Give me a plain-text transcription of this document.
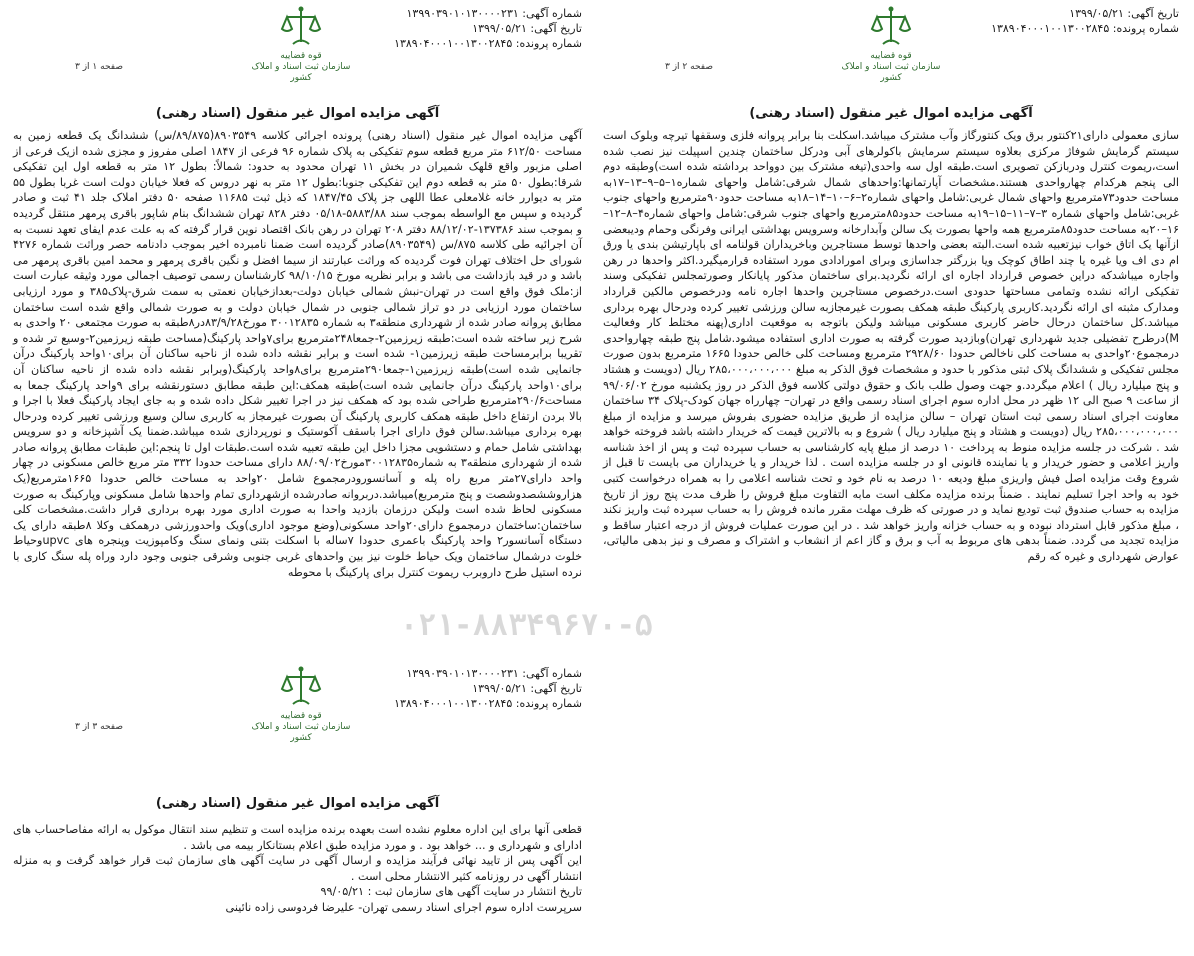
تاریخ آگهی: ۱۳۹۹/۰۵/۲۱
شماره پرونده: ۱۳۸۹۰۴۰۰۰۱۰۰۱۳۰۰۲۸۴۵
قوه قضاییه
سازمان ثبت اسناد و املاک کشور
صفحه ۲ از ۳
آگهی مزایده اموال غیر منقول (اسناد رهنی)

سازی معمولی دارای۲۱کنتور برق ویک کنتورگاز وآب مشترک میباشد.اسکلت بنا برابر پروانه فلزی وسقفها تیرچه وبلوک است سیستم گرمایش شوفاژ مرکزی بعلاوه سیستم سرمایش باکولرهای آبی ودرکل ساختمان چندین اسپیلت نیز نصب شده است،ریموت کنترل ودربازکن تصویری است.طبقه اول سه واحدی(تیغه مشترک بین دوواحد برداشته شده است)وطبقه دوم الی پنجم هرکدام چهارواحدی هستند.مشخصات آپارتمانها:واحدهای شمال شرقی:شامل واحهای شماره۱–۵–۹–۱۳–۱۷به مساحت حدود۷۳مترمربع واحهای شمال غربی:شامل واحهای شماره۲–۶–۱۰–۱۴–۱۸به مساحت حدود۹۰مترمربع واحهای جنوب غربی:شامل واحهای شماره ۳–۷–۱۱–۱۵–۱۹به مساحت حدود۸۵مترمربع واحهای جنوب شرقی:شامل واحهای شماره۴–۸–۱۲–۱۶–۲۰به مساحت حدود۸۵مترمربع همه واحها بصورت یک سالن وآبدارخانه وسرویس بهداشتی ایرانی وفرنگی وحمام ودیبعضی ازآنها یک اتاق خواب نیزتعبیه شده است.البته بعضی واحدها توسط مستاجرین وباخریداران قولنامه ای باپارتیشن بندی یا ورق ام دی اف ویا غیره یا چند اطاق کوچک ویا بزرگتر جداسازی وبرای امورادادی مورد استفاده قرارمیگیرد.اکثر واحدها در رهن واجاره میباشدکه دراین خصوص قرارداد اجاره ای ارائه نگردید.برای ساختمان مذکور پایانکار وصورتمجلس تفکیکی وسند تفکیکی ارائه نشده وتمامی مساحتها حدودی است.درخصوص مستاجرین واحدها اجاره نامه ودرخصوص مالکین قرارداد ومدارک مثبته ای ارائه نگردید.کاربری پارکینگ طبقه همکف بصورت غیرمجازبه سالن ورزشی تغییر کرده ودرحال بهره برداری میباشد.کل ساختمان درحال حاضر کاربری مسکونی میباشد ولیکن باتوجه به موقعیت اداری(پهنه مختلط کار وفعالیت M)درطرح تفضیلی جدید شهرداری تهران)وبازدید صورت گرفته به صورت اداری استفاده میشود.شامل پنج طبقه چهارواحدی درمجموع۲۰واحدی به مساحت کلی ناخالص حدودا ۲۹۲۸/۶۰ مترمربع ومساحت کلی خالص حدودا ۱۶۶۵ مترمربع بدون صورت مجلس تفکیکی و ششدانگ پلاک ثبتی مذکور با حدود و مشخصات فوق الذکر به مبلغ ۲۸۵،۰۰۰،۰۰۰،۰۰۰ ریال (دویست و هشتاد و پنج میلیارد ریال ) اعلام میگردد.و جهت وصول طلب بانک و حقوق دولتی کلاسه فوق الذکر در روز یکشنبه مورخ ۹۹/۰۶/۰۲ از ساعت ۹ صبح الی ۱۲ ظهر در محل اداره سوم اجرای اسناد رسمی واقع در تهران– چهارراه جهان کودک-پلاک ۳۴ ساختمان معاونت اجرای اسناد رسمی ثبت استان تهران – سالن مزایده از طریق مزایده حضوری بفروش میرسد و مزایده از مبلغ ۲۸۵،۰۰۰،۰۰۰،۰۰۰ ریال (دویست و هشتاد و پنج میلیارد ریال ) شروع و به بالاترین قیمت که خریدار داشته باشد فروخته خواهد شد . شرکت در جلسه مزایده منوط به پرداخت ۱۰ درصد از مبلغ پایه کارشناسی به حساب سپرده ثبت و پس از اخذ شناسه واریز اعلامی و حضور خریدار و یا نماینده قانونی او در جلسه مزایده است . لذا خریدار و یا خریداران می بایست تا قبل از شروع وقت مزایده اصل فیش واریزی مبلغ ودیعه ۱۰ درصد به نام خود و تحت شناسه اعلامی را به همراه درخواست کتبی خود به واحد اجرا تسلیم نمایند . ضمناً برنده مزایده مکلف است مابه التفاوت مبلغ فروش را ظرف مدت پنج روز از تاریخ مزایده به حساب صندوق ثبت تودیع نماید و در صورتی که ظرف مهلت مقرر مانده فروش را به حساب سپرده ثبت واریز نکند ، مبلغ مذکور قابل استرداد نبوده و به حساب خزانه واریز خواهد شد . در این صورت عملیات فروش از درجه اعتبار ساقط و مزایده تجدید می گردد. ضمناً بدهی های مربوط به آب و برق و گاز اعم از انشعاب و اشتراک و مصرف و نیز بدهی مالیاتی، عوارض شهرداری و غیره که رقم

شماره آگهی: ۱۳۹۹۰۳۹۰۱۰۱۳۰۰۰۰۲۳۱
تاریخ آگهی: ۱۳۹۹/۰۵/۲۱
شماره پرونده: ۱۳۸۹۰۴۰۰۰۱۰۰۱۳۰۰۲۸۴۵
قوه قضاییه
سازمان ثبت اسناد و املاک کشور
صفحه ۱ از ۳
آگهی مزایده اموال غیر منقول (اسناد رهنی)

آگهی مزایده اموال غیر منقول (اسناد رهنی) پرونده اجرائی کلاسه ۸۹۰۳۵۴۹(۸۹/۸۷۵/س) ششدانگ یک قطعه زمین به مساحت ۶۱۲/۵۰ متر مربع قطعه سوم تفکیکی به پلاک شماره ۹۶ فرعی از ۱۸۴۷ اصلی مفروز و مجزی شده ازیک فرعی از اصلی مزبور واقع قلهک شمیران در بخش ۱۱ تهران محدود به حدود: شمالاً: بطول ۱۲ متر به قطعه اول این تفکیکی شرقا:بطول ۵۰ متر به قطعه دوم این تفکیکی جنوبا:بطول ۱۲ متر به نهر دروس که فعلا خیابان دولت است غربا بطول ۵۵ متر به دیوارر خانه غلامعلی عطا اللهی جز پلاک ۱۸۴۷/۴۵ که ذیل ثبت ۱۱۶۸۵ صفحه ۵۰ دفتر املاک جلد ۴۱ ثبت و صادر گردیده و سپس مع الواسطه بموجب سند ۵۸۸۳/۸۸-۰۵/۱۸ دفتر ۸۲۸ تهران ششدانگ بنام شاپور باقری پرمهر منتقل گردیده و بموجب سند ۱۳۷۳۸۶-۸۸/۱۲/۰۲ دفتر ۲۰۸ تهران در رهن بانک اقتصاد نوین قرار گرفته که به علت عدم ایفای تعهد نسبت به آن اجرائیه طی کلاسه ۸۷۵/س (۸۹۰۳۵۴۹)صادر گردیده است ضمنا نامبرده اخیر بموجب دادنامه حصر وراثت شماره ۴۲۷۶ شورای حل اختلاف تهران فوت گردیده که وراثت عبارتند از سیما افضل و نگین باقری پرمهر و محمد امین باقری پرمهر می باشد و در قید بازداشت می باشد و برابر نظریه مورخ ۹۸/۱۰/۱۵ کارشناسان رسمی توصیف اجمالی مورد وثیقه عبارت است از:ملک فوق واقع است در تهران-نبش شمالی خیابان دولت-بعدازخیابان نعمتی به سمت شرق-پلاک۳۸۵ و مورد ارزیابی ساختمان مورد ارزیابی در دو تراز شمالی جنوبی در شمال خیابان دولت و به صورت شمالی واقع شده است ساختمان مطابق پروانه صادر شده از شهرداری منطقه۳ به شماره ۳۰۰۱۲۸۳۵ مورخ۸۳/۹/۲۸در۸طبقه به صورت مجتمعی ۲۰ واحدی به شرح زیر ساخته شده است:طبقه زیرزمین۲-جمعا۲۴۸مترمربع برای۷واحد پارکینگ(مساحت طبقه زیرزمین۲-وسیع تر شده و تقریبا برابرمساحت طبقه زیرزمین۱- شده است و برابر نقشه داده شده از ناحیه ساکنان آن برای۱۰واحد پارکینگ درآن جانمایی شده است)طبقه زیرزمین۱-جمعا۲۹۰مترمربع برای۸واحد پارکینگ(وبرابر نقشه داده شده از ناحیه ساکنان آن برای۱۰واحد پارکینگ درآن جانمایی شده است)طبقه همکف:این طبقه مطابق دستورنقشه برای ۹واحد پارکینگ جمعا به مساحت۲۹۰/۶مترمربع طراحی شده بود که همکف نیز در اجرا تغییر شکل داده شده و به جای ایجاد پارکینگ فعلا با اجرا و بالا بردن ارتفاع داخل طبقه همکف کاربری پارکینگ آن بصورت غیرمجاز به کاربری سالن وسیع ورزشی تغییر کرده ودرحال بهره برداری میباشد.سالن فوق دارای اجرا باسقف آکوستیک و نورپردازی شده میباشد.ضمنا یک آشپزخانه و دو سرویس بهداشتی شامل حمام و دستشویی مجزا داخل این طبقه تعبیه شده است.طبقات اول تا پنجم:این طبقات مطابق پروانه صادر شده از شهرداری منطقه۳ به شماره۳۰۰۱۲۸۳۵مورخ۸۸/۰۹/۰۲ دارای مساحت حدودا ۳۳۲ متر مربع خالص مسکونی در چهار واحد دارای۲۷متر مربع راه پله و آسانسورودرمجموع شامل ۲۰واحد به مساحت خالص حدودا ۱۶۶۵مترمربع(یک هزاروششصدوشصت و پنج مترمربع)میباشد.دربروانه صادرشده ازشهرداری تمام واحدها شامل مسکونی وپارکینگ به صورت مسکونی لحاظ شده است ولیکن درزمان بازدید واحدا به صورت اداری مورد بهره برداری قرار داشت.مشخصات کلی ساختمان:ساختمان درمجموع دارای۲۰واحد مسکونی(وضع موجود اداری)ویک واحدورزشی درهمکف وکلا ۸طبقه دارای یک دستگاه آسانسور۲ واحد پارکینگ باعمری حدودا ۷ساله با اسکلت بتنی ونمای سنگ وکامپوزیت وپنجره های upvcوحیاط خلوت درشمال ساختمان ویک حیاط خلوت نیز بین واحدهای غربی جنوبی وشرقی جنوبی وجود دارد وراه پله سنگ کاری با نرده استیل طرح داروبرب ریموت کنترل برای پارکینگ با محوطه

۰۲۱-۸۸۳۴۹۶۷۰-۵
شماره آگهی: ۱۳۹۹۰۳۹۰۱۰۱۳۰۰۰۰۲۳۱
تاریخ آگهی: ۱۳۹۹/۰۵/۲۱
شماره پرونده: ۱۳۸۹۰۴۰۰۰۱۰۰۱۳۰۰۲۸۴۵
قوه قضاییه
سازمان ثبت اسناد و املاک کشور
صفحه ۳ از ۳
آگهی مزایده اموال غیر منقول (اسناد رهنی)

قطعی آنها برای این اداره معلوم نشده است بعهده برنده مزایده است و تنظیم سند انتقال موکول به ارائه مفاصاحساب های ادارای و شهرداری و ... خواهد بود . و مورد مزایده طبق اعلام بستانکار بیمه می باشد .

این آگهی پس از تایید نهائی فرآیند مزایده و ارسال آگهی در سایت آگهی های سازمان ثبت قرار خواهد گرفت و به منزله انتشار آگهی در روزنامه کثیر الانتشار محلی است .

تاریخ انتشار در سایت آگهی های سازمان ثبت : ۹۹/۰۵/۲۱

سرپرست اداره سوم اجرای اسناد رسمی تهران- علیرضا فردوسی زاده نائینی
